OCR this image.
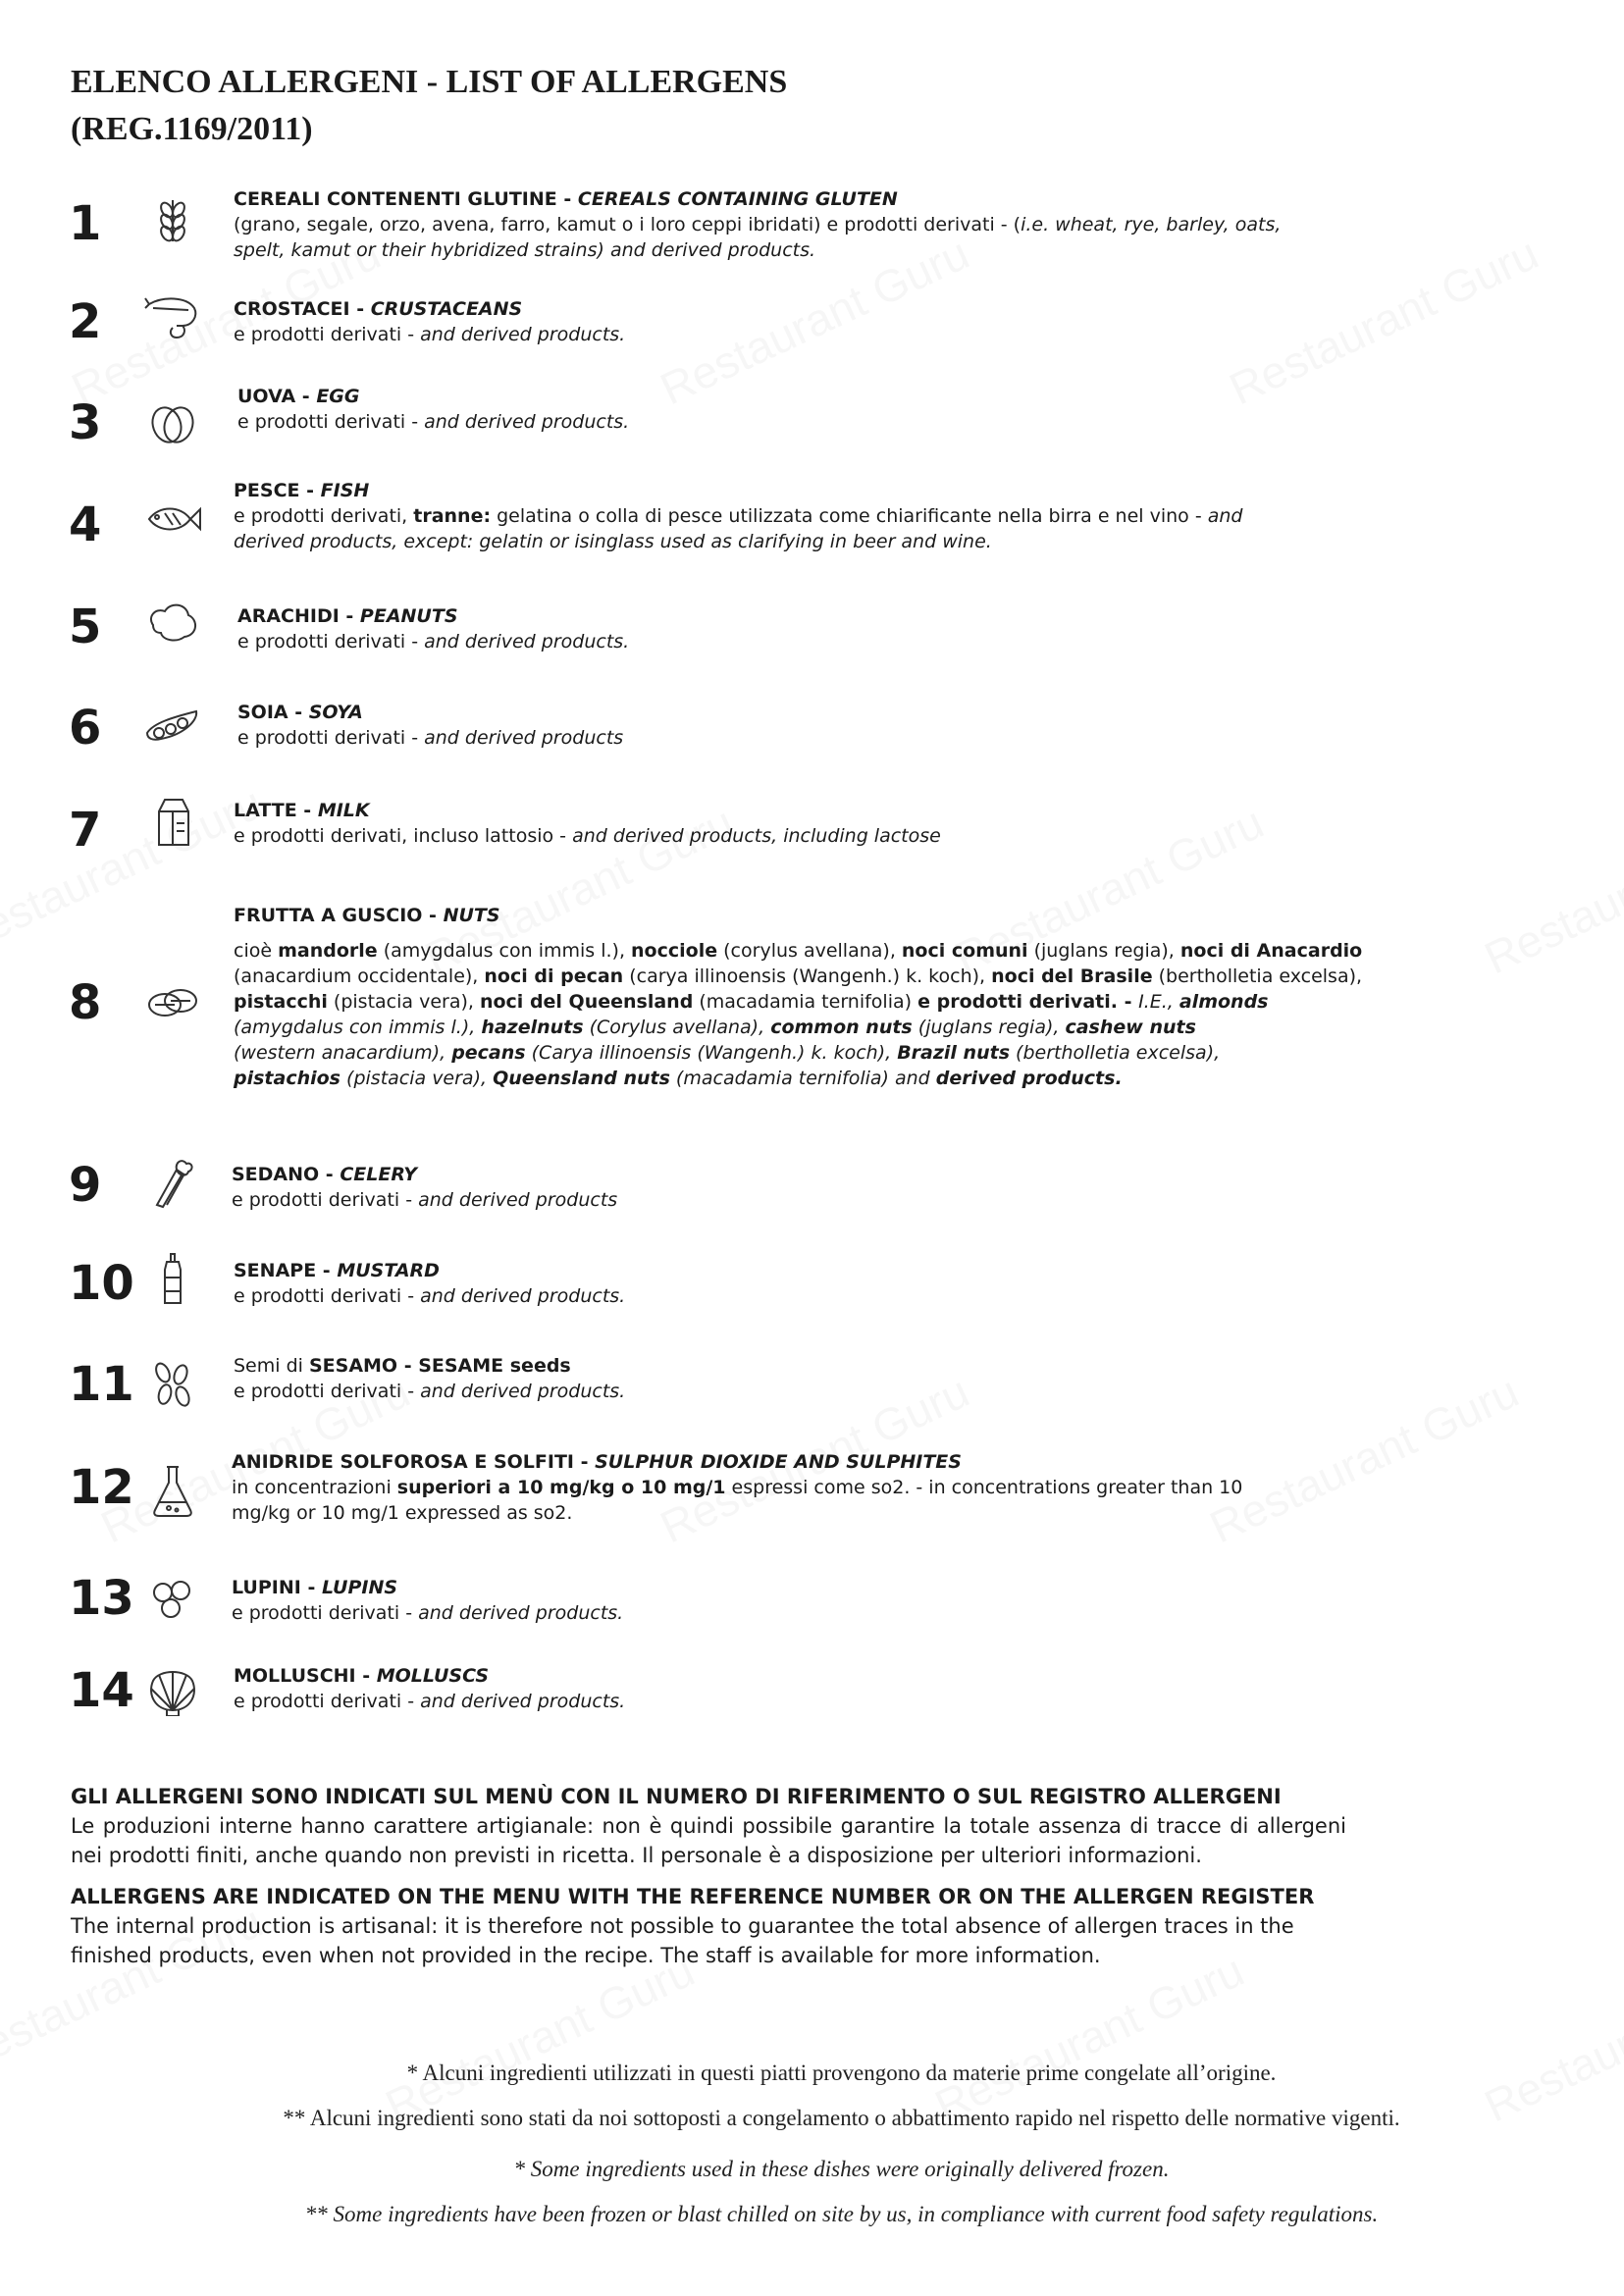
ELENCO ALLERGENI - LIST OF ALLERGENS
(REG.1169/2011)
1	CEREALI CONTENENTI GLUTINE - CEREALS CONTAINING GLUTEN
(grano, segale, orzo, avena, farro, kamut o i loro ceppi ibridati) e prodotti derivati - (i.e. wheat, rye, barley, oats, spelt, kamut or their hybridized strains) and derived products.
2	CROSTACEI - CRUSTACEANS
e prodotti derivati - and derived products.
3	UOVA - EGG
e prodotti derivati - and derived products.
4
PESCE - FISH
e prodotti derivati, tranne: gelatina o colla di pesce utilizzata come chiarificante nella birra e nel vino - and derived products, except: gelatin or isinglass used as clarifying in beer and wine.
5	ARACHIDI - PEANUTS
e prodotti derivati - and derived products.
6	SOIA - SOYA
e prodotti derivati - and derived products
7	LATTE - MILK
e prodotti derivati, incluso lattosio - and derived products, including lactose
8
FRUTTA A GUSCIO - NUTS
cioè mandorle (amygdalus con immis l.), nocciole (corylus avellana), noci comuni (juglans regia), noci di Anacardio
(anacardium occidentale), noci di pecan (carya illinoensis (Wangenh.) k. koch), noci del Brasile (bertholletia excelsa),
pistacchi (pistacia vera), noci del Queensland (macadamia ternifolia) e prodotti derivati. - I.E., almonds (amygdalus con immis l.), hazelnuts (Corylus avellana), common nuts (juglans regia), cashew nuts (western anacardium), pecans (Carya illinoensis (Wangenh.) k. koch), Brazil nuts (bertholletia excelsa), pistachios (pistacia vera), Queensland nuts (macadamia ternifolia) and derived products.
9	SEDANO - CELERY
e prodotti derivati - and derived products
10	SENAPE - MUSTARD
e prodotti derivati - and derived products.
11	Semi di SESAMO - SESAME seeds
e prodotti derivati - and derived products.
12	ANIDRIDE SOLFOROSA E SOLFITI - SULPHUR DIOXIDE AND SULPHITES
in concentrazioni superiori a 10 mg/kg o 10 mg/1 espressi come so2. - in concentrations greater than 10 mg/kg or 10 mg/1 expressed as so2.
13	LUPINI - LUPINS
e prodotti derivati - and derived products.
14	MOLLUSCHI - MOLLUSCS
e prodotti derivati - and derived products.
GLI ALLERGENI SONO INDICATI SUL MENÙ CON IL NUMERO DI RIFERIMENTO O SUL REGISTRO ALLERGENI
Le produzioni interne hanno carattere artigianale: non è quindi possibile garantire la totale assenza di tracce di allergeni nei prodotti finiti, anche quando non previsti in ricetta. Il personale è a disposizione per ulteriori informazioni.
ALLERGENS ARE INDICATED ON THE MENU WITH THE REFERENCE NUMBER OR ON THE ALLERGEN REGISTER
The internal production is artisanal: it is therefore not possible to guarantee the total absence of allergen traces in the finished products, even when not provided in the recipe. The staff is available for more information.
* Alcuni ingredienti utilizzati in questi piatti provengono da materie prime congelate all’origine.
** Alcuni ingredienti sono stati da noi sottoposti a congelamento o abbattimento rapido nel rispetto delle normative vigenti.
* Some ingredients used in these dishes were originally delivered frozen.
** Some ingredients have been frozen or blast chilled on site by us, in compliance with current food safety regulations.
